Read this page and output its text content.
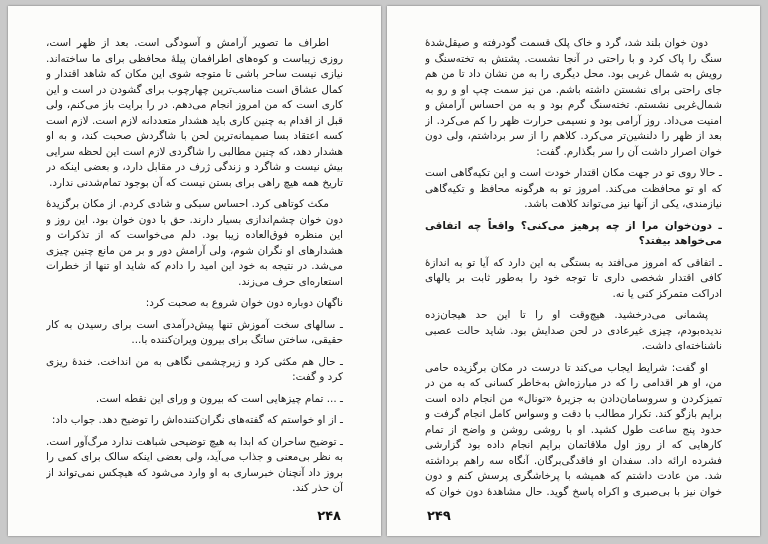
اطراف ما تصویر آرامش و آسودگی است. بعد از ظهر است، روزی زیباست و کوه‌های اطرافمان پیلهٔ محافظی برای ما ساخته‌اند. نیازی نیست ساحر باشی تا متوجه شوی این مکان که شاهد اقتدار و کمال عشاق است مناسب‌ترین چهارچوب برای گشودن در است و این کاری است که من امروز انجام می‌دهم. در را برایت باز می‌کنم، ولی قبل از اقدام به چنین کاری باید هشدار متعددانه لازم است. لازم است کسه اعتقاد بسا صمیمانه‌ترین لحن با شاگردش صحبت کند، و به او هشدار دهد، که چنین مطالبی را شاگردی لازم است این لحظه سرایی بیش نیست و شاگرد و زندگی ژرف در مقابل دارد، و بعضی اینکه در تاریخ همه هیچ راهی برای بستن نیست که آن بوجود تمام‌شدنی ندارد.

مکث کوتاهی کرد. احساس سبکی و شادی کردم. از مکان برگزیدهٔ دون خوان چشم‌اندازی بسیار دارند. حق با دون خوان بود. این روز و این منظره فوق‌العاده زیبا بود. دلم می‌خواست که از تذکرات و هشدارهای او نگران شوم، ولی آرامش دور و بر من مانع چنین چیزی می‌شد. در نتیجه به خود این امید را دادم که شاید او تنها از خطرات استعاره‌ای حرف می‌زند.

ناگهان دوباره دون خوان شروع به صحبت کرد:

ـ سالهای سخت آموزش تنها پیش‌درآمدی است برای رسیدن به کار حقیقی، ساختن ساتگ برای بیرون ویران‌کننده با...

ـ حال هم مکثی کرد و زیرچشمی نگاهی به من انداخت. خندهٔ ریزی کرد و گفت:

ـ ... تمام چیزهایی است که بیرون و ورای این نقطه است.

ـ از او خواستم که گفته‌های نگران‌کننده‌اش را توضیح دهد. جواب داد:

ـ توضیح ساحران که ابدا به هیچ توضیحی شباهت ندارد مرگ‌آور است. به نظر بی‌معنی و جذاب می‌آید، ولی بعضی اینکه سالک برای کمی را بروز داد آنچنان خبرساری به او وارد می‌شود که هیچکس نمی‌تواند از آن حذر کند.

۲۴۸

دون خوان بلند شد، گرد و خاک پلک قسمت گودرفته و صیقل‌شدهٔ سنگ را پاک کرد و با راحتی در آنجا نشست. پشتش به تخته‌سنگ و رویش به شمال غربی بود. محل دیگری را به من نشان داد تا من هم جای راحتی برای نشستن داشته باشم. من نیز سمت چپ او و رو به شمال‌غربی نشستم. تخته‌سنگ گرم بود و به من احساس آرامش و امنیت می‌داد. روز آرامی بود و نسیمی حرارت ظهر را کم می‌کرد. از بعد از ظهر را دلنشین‌تر می‌کرد. کلاهم را از سر برداشتم، ولی دون خوان اصرار داشت آن را سر بگذارم. گفت:

ـ حالا روی تو در جهت مکان اقتدار خودت است و این تکیه‌گاهی است که او تو محافظت می‌کند. امروز تو به هرگونه محافظ و تکیه‌گاهی نیازمندی، یکی از آنها نیز می‌تواند کلاهت باشد.

ـ دون‌خوان مرا از چه پرهیز می‌کنی؟ واقعاً چه اتفاقی می‌خواهد بیفتد؟

ـ اتفاقی که امروز می‌افتد به بستگی به این دارد که آیا تو به اندازهٔ کافی اقتدار شخصی داری تا توجه خود را به‌طور ثابت بر یالهای ادراکت متمرکز کنی یا نه.

پشمانی می‌درخشید. هیچ‌وقت او را تا این حد هیجان‌زده ندیده‌بودم، چیزی غیرعادی در لحن صدایش بود. شاید حالت عصبی ناشناخته‌ای داشت.

او گفت: شرایط ایجاب می‌کند تا درست در مکان برگزیده حامی من، او هر اقدامی را که در مبارزه‌اش به‌خاطر کسانی که به من در تمیزکردن و سروسامان‌دادن به جزیرهٔ «تونال» من انجام داده است برایم بازگو کند. تکرار مطالب با دقت و وسواس کامل انجام گرفت و حدود پنج ساعت طول کشید. او با روشی روشن و واضح از تمام کارهایی که از روز اول ملاقاتمان برایم انجام داده بود گزارشی فشرده ارائه داد. سفدان او فاقدگی‌برگان. آنگاه سه راهم برداشته شد. من عادت داشتم که همیشه با پرخاشگری پرسش کنم و دون خوان نیز با بی‌صبری و اکراه پاسخ گوید. حال مشاهدهٔ دون خوان که

۲۴۹
